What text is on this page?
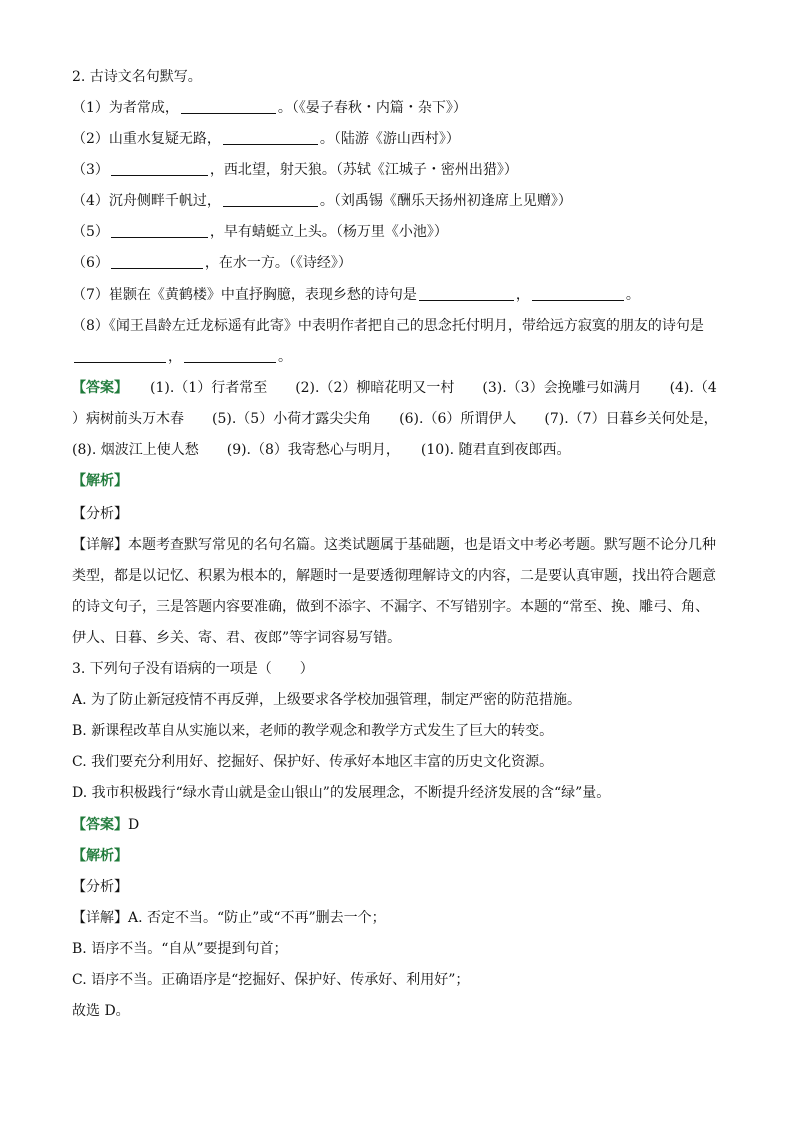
2. 古诗文名句默写。
（1）为者常成，	。（《晏子春秋・内篇・杂下》）
（2）山重水复疑无路，	。（陆游《游山西村》）
（3）	，西北望，射天狼。（苏轼《江城子・密州出猎》）
（4）沉舟侧畔千帆过，	。（刘禹锡《酬乐天扬州初逢席上见赠》）
（5）	，早有蜻蜓立上头。（杨万里《小池》）
（6）	，在水一方。（《诗经》）
（7）崔颢在《黄鹤楼》中直抒胸臆，表现乡愁的诗句是	，	。
（8）《闻王昌龄左迁龙标遥有此寄》中表明作者把自己的思念托付明月，带给远方寂寞的朋友的诗句是
，	。
【答案】 (1).（1）行者常至　　(2).（2）柳暗花明又一村　　(3).（3）会挽雕弓如满月　　(4).（4
）病树前头万木春　　(5).（5）小荷才露尖尖角　　(6).（6）所谓伊人　　(7).（7）日暮乡关何处是，
(8). 烟波江上使人愁　　(9).（8）我寄愁心与明月，　　(10). 随君直到夜郎西。
【解析】
【分析】
【详解】本题考查默写常见的名句名篇。这类试题属于基础题，也是语文中考必考题。默写题不论分几种
类型，都是以记忆、积累为根本的，解题时一是要透彻理解诗文的内容，二是要认真审题，找出符合题意
的诗文句子，三是答题内容要准确，做到不添字、不漏字、不写错别字。本题的“常至、挽、雕弓、角、
伊人、日暮、乡关、寄、君、夜郎”等字词容易写错。
3. 下列句子没有语病的一项是（　　）
A. 为了防止新冠疫情不再反弹，上级要求各学校加强管理，制定严密的防范措施。
B. 新课程改革自从实施以来，老师的教学观念和教学方式发生了巨大的转变。
C. 我们要充分利用好、挖掘好、保护好、传承好本地区丰富的历史文化资源。
D. 我市积极践行“绿水青山就是金山银山”的发展理念，不断提升经济发展的含“绿”量。
【答案】D
【解析】
【分析】
【详解】A. 否定不当。“防止”或“不再”删去一个；
B. 语序不当。“自从”要提到句首；
C. 语序不当。正确语序是“挖掘好、保护好、传承好、利用好”；
故选 D。
